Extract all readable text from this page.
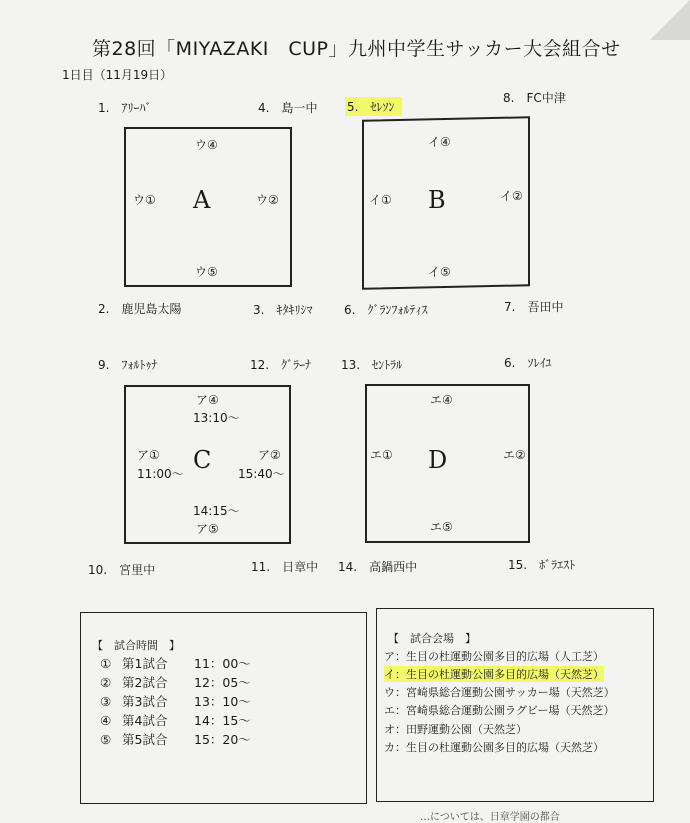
第28回「MIYAZAKI　CUP」九州中学生サッカー大会組合せ
1日目（11月19日）
1. ｱﾘｰﾊﾞ	4. 島一中 5. ｾﾚｿﾝ
8. FC中津
ウ④
ウ① A	ウ②
ウ⑤
イ④
イ① B	イ②
イ⑤
2. 鹿児島太陽	3. ｷﾀｷﾘｼﾏ	6. ｸﾞﾗﾝﾌｫﾙﾃｨｽ	7. 吾田中
9. ﾌｫﾙﾄｩﾅ	12. ｸﾞﾗｰﾅ 13. ｾﾝﾄﾗﾙ	6. ｿﾚｲﾕ
ア④
13:10～
ア①
11:00～ C	ア②
15:40～
14:15～
ア⑤
エ④
エ① D	エ②
エ⑤
10. 宮里中	11. 日章中 14. 高鍋西中	15. ﾎﾞﾗｴｽﾄ
【　試合時間　】
① 第1試合 11：00～
② 第2試合 12：05～
③ 第3試合 13：10～
④ 第4試合 14：15～
⑤ 第5試合 15：20～
【　試合会場　】
ア：生目の杜運動公園多目的広場（人工芝）
イ：生目の杜運動公園多目的広場（天然芝）
ウ：宮崎県総合運動公園サッカー場（天然芝）
エ：宮崎県総合運動公園ラグビー場（天然芝）
オ：田野運動公園（天然芝）
カ：生目の杜運動公園多目的広場（天然芝）
…については、日章学園の都合
